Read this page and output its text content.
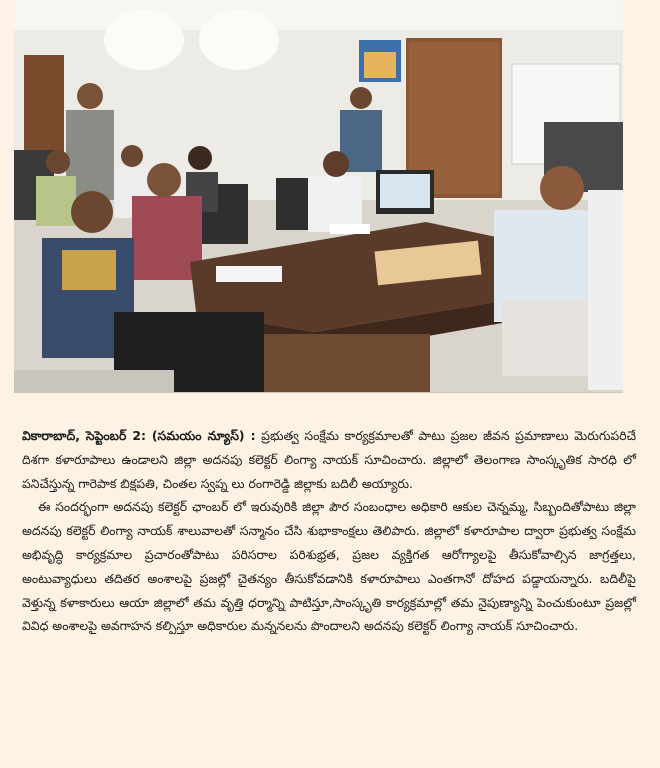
వికారాబాద్, సెప్టెంబర్ 2: (సమయం న్యూస్) : ప్రభుత్వ సంక్షేమ కార్యక్రమాలతో పాటు ప్రజల జీవన ప్రమాణాలు మెరుగుపరిచే దిశగా కళారూపాలు ఉండాలని జిల్లా అదనపు కలెక్టర్ లింగ్యా నాయక్ సూచించారు. జిల్లాలో తెలంగాణ సాంస్కృతిక సారధి లో పనిచేస్తున్న గారెపాక బిక్షపతి, చింతల స్వప్న లు రంగారెడ్డి జిల్లాకు బదిలీ అయ్యారు.

ఈ సందర్భంగా అదనపు కలెక్టర్ ఛాంబర్ లో ఇరువురికి జిల్లా పౌర సంబంధాల అధికారి ఆకుల చెన్నమ్మ, సిబ్బందితోపాటు జిల్లా అదనపు కలెక్టర్ లింగ్యా నాయక్ శాలువాలతో సన్మానం చేసి శుభాకాంక్షలు తెలిపారు. జిల్లాలో కళారూపాల ద్వారా ప్రభుత్వ సంక్షేమ అభివృద్ధి కార్యక్రమాల ప్రచారంతోపాటు పరిసరాల పరిశుభ్రత, ప్రజల వ్యక్తిగత ఆరోగ్యాలపై తీసుకోవాల్సిన జాగ్రత్తలు, అంటువ్యాధులు తదితర అంశాలపై ప్రజల్లో చైతన్యం తీసుకోవడానికి కళారూపాలు ఎంతగానో దోహద పడ్డాయన్నారు. బదిలీపై వెళ్తున్న కళాకారులు ఆయా జిల్లాలో తమ వృత్తి ధర్మాన్ని పాటిస్తూ,సాంస్కృతి కార్యక్రమాల్లో తమ నైపుణ్యాన్ని పెంచుకుంటూ ప్రజల్లో వివిధ అంశాలపై అవగాహన కల్పిస్తూ అధికారుల మన్ననలను పొందాలని అదనపు కలెక్టర్ లింగ్యా నాయక్ సూచించారు.
